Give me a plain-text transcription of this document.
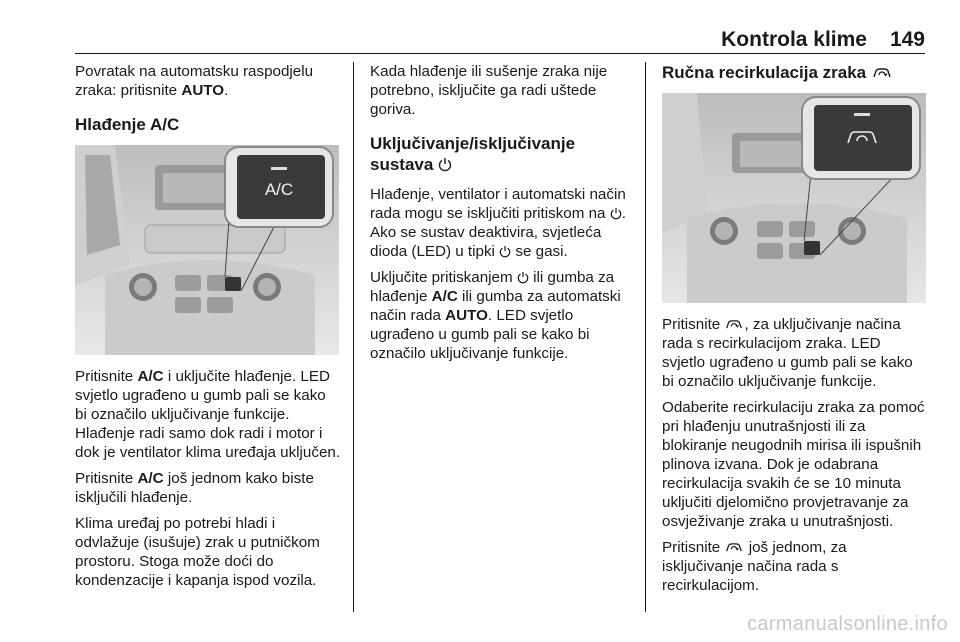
Kontrola klime 149

Povratak na automatsku raspodjelu zraka: pritisnite AUTO.

Hlađenje A/C
A/C

Pritisnite A/C i uključite hlađenje. LED svjetlo ugrađeno u gumb pali se kako bi označilo uključivanje funkcije. Hlađenje radi samo dok radi i motor i dok je ventilator klima uređaja uključen.

Pritisnite A/C još jednom kako biste isključili hlađenje.

Klima uređaj po potrebi hladi i odvlažuje (isušuje) zrak u putničkom prostoru. Stoga može doći do kondenzacije i kapanja ispod vozila.

Kada hlađenje ili sušenje zraka nije potrebno, isključite ga radi uštede goriva.

Uključivanje/isključivanje sustava

Hlađenje, ventilator i automatski način rada mogu se isključiti pritiskom na . Ako se sustav deaktivira, svjetleća dioda (LED) u tipki  se gasi.

Uključite pritiskanjem  ili gumba za hlađenje A/C ili gumba za automatski način rada AUTO. LED svjetlo ugrađeno u gumb pali se kako bi označilo uključivanje funkcije.

Ručna recirkulacija zraka

Pritisnite , za uključivanje načina rada s recirkulacijom zraka. LED svjetlo ugrađeno u gumb pali se kako bi označilo uključivanje funkcije.

Odaberite recirkulaciju zraka za pomoć pri hlađenju unutrašnjosti ili za blokiranje neugodnih mirisa ili ispušnih plinova izvana. Dok je odabrana recirkulacija svakih će se 10 minuta uključiti djelomično provjetravanje za osvježivanje zraka u unutrašnjosti.

Pritisnite  još jednom, za isključivanje načina rada s recirkulacijom.

carmanualsonline.info
